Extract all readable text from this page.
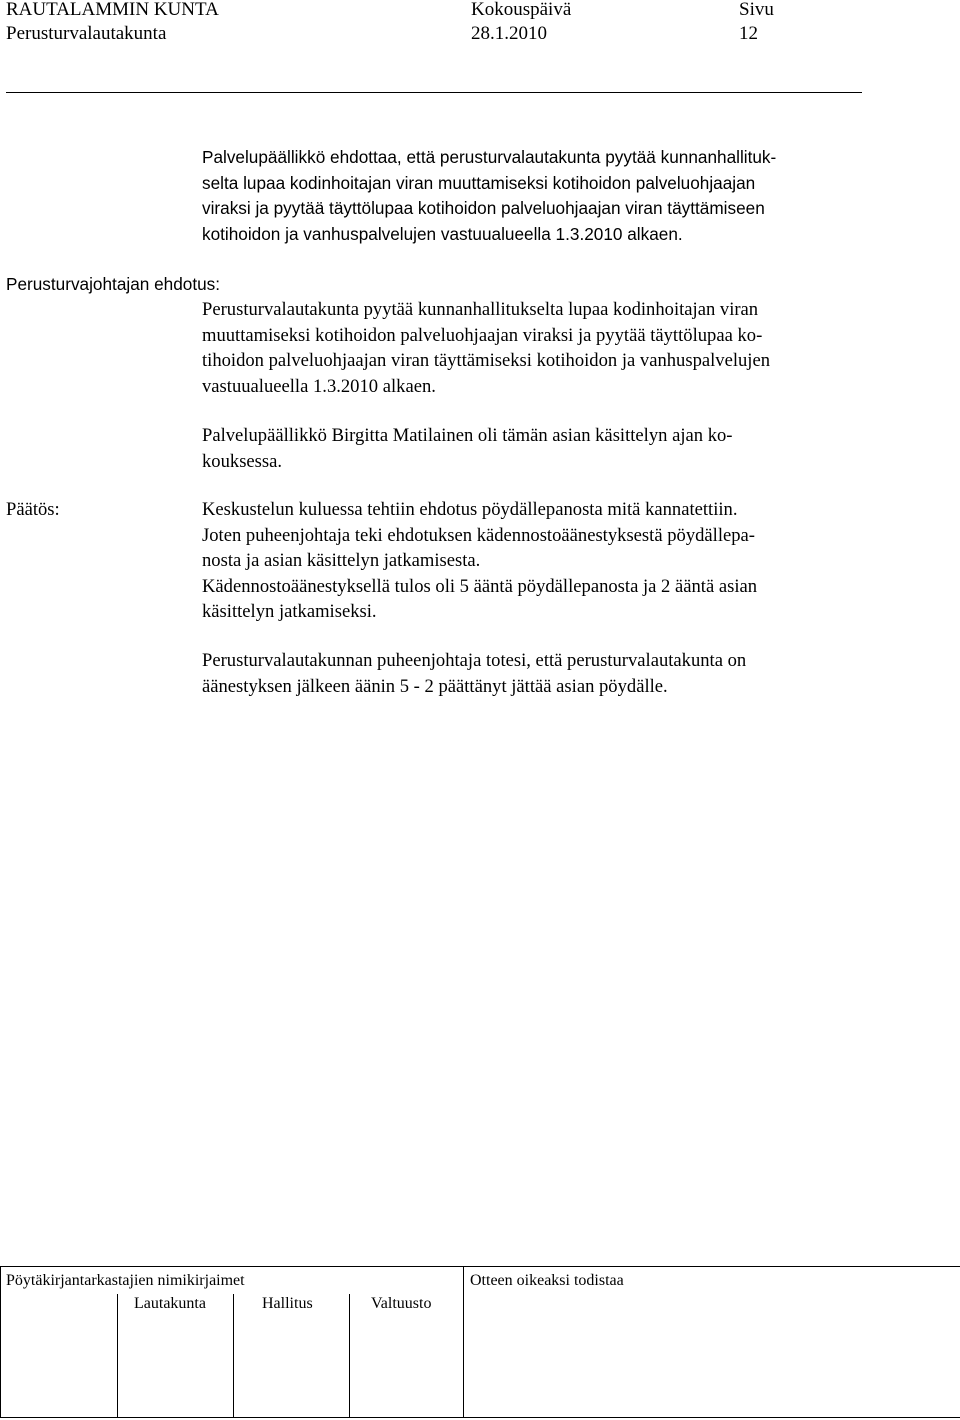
RAUTALAMMIN KUNTA	Kokouspäivä	Sivu
Perusturvalautakunta	28.1.2010	12
Palvelupäällikkö ehdottaa, että perusturvalautakunta pyytää kunnanhallituk-
selta lupaa kodinhoitajan viran muuttamiseksi kotihoidon palveluohjaajan
viraksi ja pyytää täyttölupaa kotihoidon palveluohjaajan viran täyttämiseen
kotihoidon ja vanhuspalvelujen vastuualueella 1.3.2010 alkaen.
Perusturvajohtajan ehdotus:
Perusturvalautakunta pyytää kunnanhallitukselta lupaa kodinhoitajan viran
muuttamiseksi kotihoidon palveluohjaajan viraksi ja pyytää täyttölupaa ko-
tihoidon palveluohjaajan viran täyttämiseksi kotihoidon ja vanhuspalvelujen
vastuualueella 1.3.2010 alkaen.
Palvelupäällikkö Birgitta Matilainen oli tämän asian käsittelyn ajan ko-
kouksessa.
Päätös:	Keskustelun kuluessa tehtiin ehdotus pöydällepanosta mitä kannatettiin.
Joten puheenjohtaja teki ehdotuksen kädennostoäänestyksestä pöydällepa-
nosta ja asian käsittelyn jatkamisesta.
Kädennostoäänestyksellä tulos oli 5 ääntä pöydällepanosta ja 2 ääntä asian
käsittelyn jatkamiseksi.
Perusturvalautakunnan puheenjohtaja totesi, että perusturvalautakunta on
äänestyksen jälkeen äänin 5 - 2 päättänyt jättää asian pöydälle.
Pöytäkirjantarkastajien nimikirjaimet	Otteen oikeaksi todistaa
Lautakunta	Hallitus	Valtuusto
